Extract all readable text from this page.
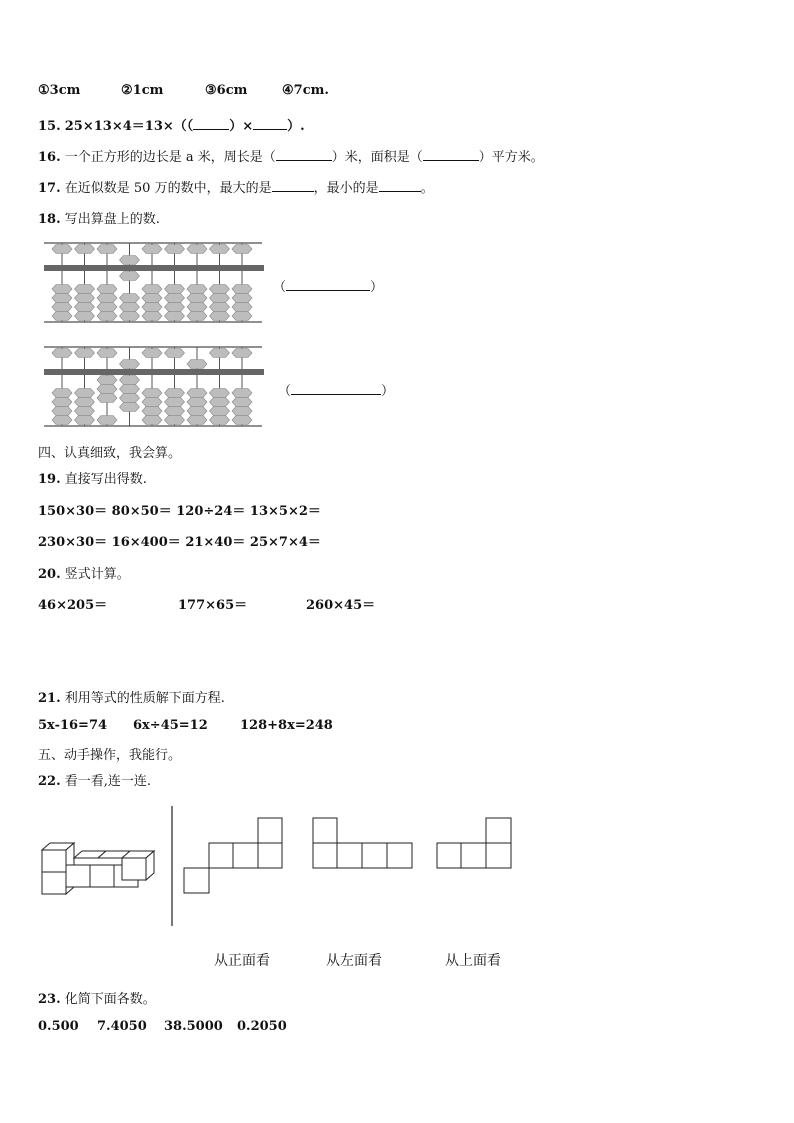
①3cm	②1cm	③6cm	④7cm.
15. 25×13×4＝13×（（	）×	）.
16. 一个正方形的边长是 a 米，周长是（	）米，面积是（	）平方米。
17. 在近似数是 50 万的数中，最大的是	，最小的是	。
18. 写出算盘上的数.
（	）
（	）
四、认真细致，我会算。
19. 直接写出得数.
150×30＝ 80×50＝ 120÷24＝ 13×5×2＝
230×30＝ 16×400＝ 21×40＝ 25×7×4＝
20. 竖式计算。
46×205＝	177×65＝	260×45＝
21. 利用等式的性质解下面方程.
5x-16=74 6x÷45=12 128+8x=248
五、动手操作，我能行。
22. 看一看,连一连.
从正面看	从左面看	从上面看
23. 化简下面各数。
0.500 7.4050 38.5000 0.2050
